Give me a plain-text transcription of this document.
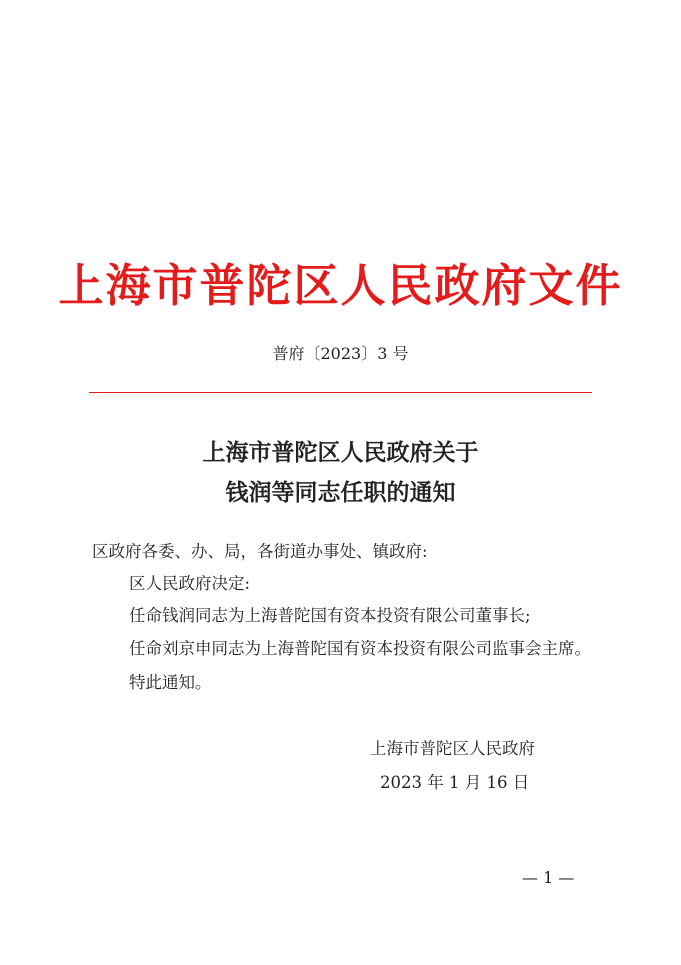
上海市普陀区人民政府文件
普府〔2023〕3 号
上海市普陀区人民政府关于
钱润等同志任职的通知
区政府各委、办、局，各街道办事处、镇政府:
区人民政府决定:
任命钱润同志为上海普陀国有资本投资有限公司董事长;
任命刘京申同志为上海普陀国有资本投资有限公司监事会主席。
特此通知。
上海市普陀区人民政府
2023 年 1 月 16 日
— 1 —
